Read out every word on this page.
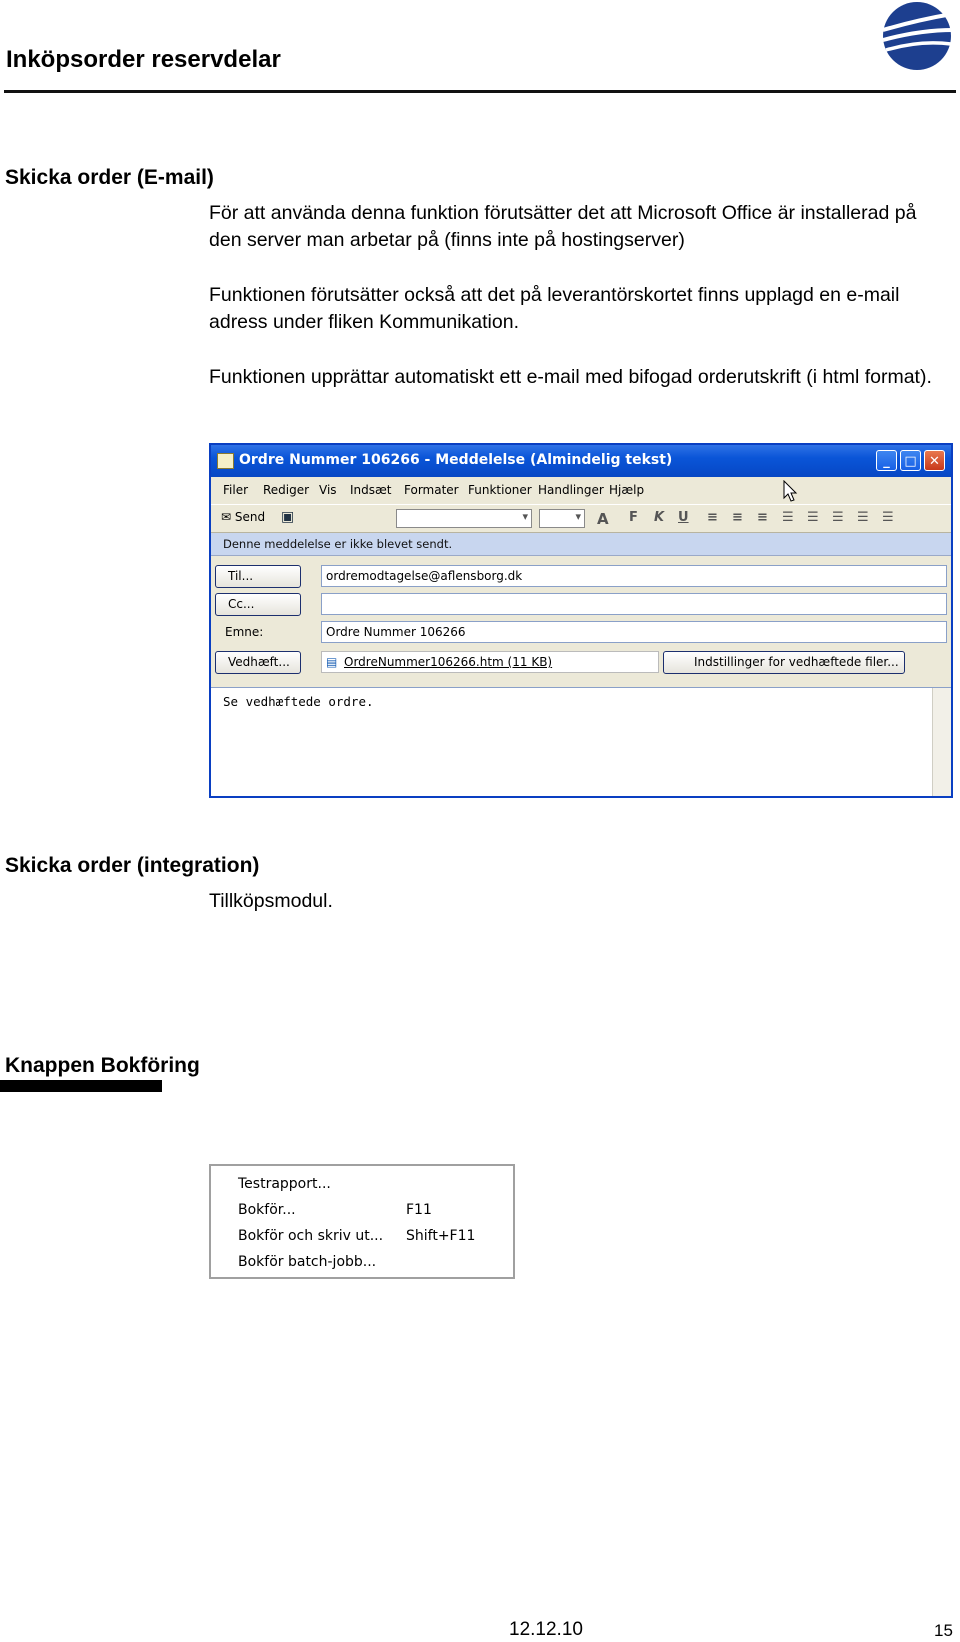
Inköpsorder reservdelar
Skicka order (E-mail)
För att använda denna funktion förutsätter det att Microsoft Office är installerad på den server man arbetar på (finns inte på hostingserver)
Funktionen förutsätter också att det på leverantörskortet finns upplagd en e-mail adress under fliken Kommunikation.
Funktionen upprättar automatiskt ett e-mail med bifogad orderutskrift (i html format).
Ordre Nummer 106266 - Meddelelse (Almindelig tekst)	_	□ ✕
Filer Rediger Vis Indsæt Formater Funktioner Handlinger Hjælp
✉ Send ▣ ▾ ▾	A F K U ≡ ≡ ≡ ☰ ☰ ☰ ☰ ☰
Denne meddelelse er ikke blevet sendt.
Til...	ordremodtagelse@aflensborg.dk
Cc...
Emne:	Ordre Nummer 106266
Vedhæft...	▤ OrdreNummer106266.htm (11 KB)	Indstillinger for vedhæftede filer...
Se vedhæftede ordre.
Skicka order (integration)
Tillköpsmodul.
Knappen Bokföring
Testrapport...
Bokför...	F11
Bokför och skriv ut... Shift+F11
Bokför batch-jobb...
12.12.10	15
